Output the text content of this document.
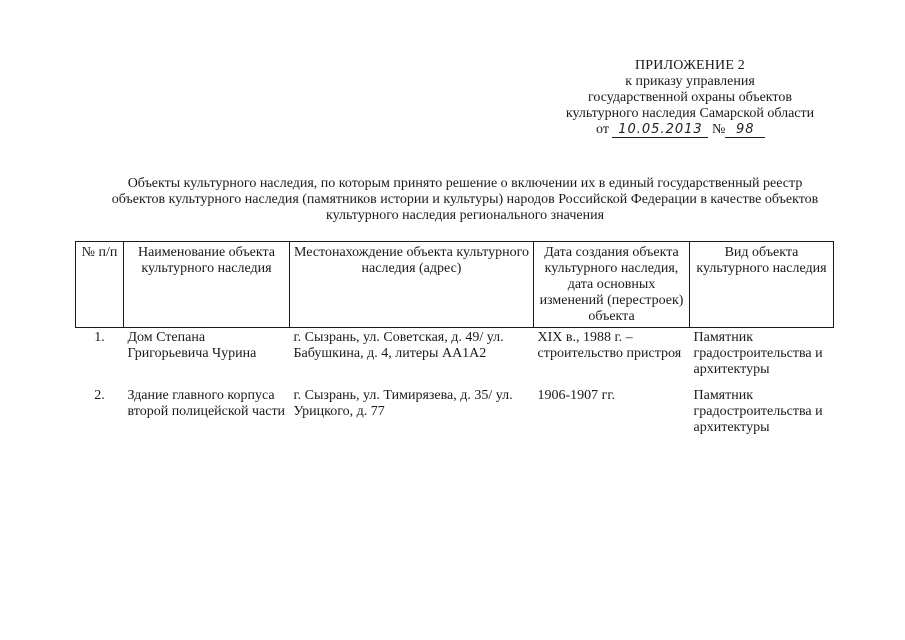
ПРИЛОЖЕНИЕ 2
к приказу управления
государственной охраны объектов
культурного наследия Самарской области
от 10.05.2013 № 98
Объекты культурного наследия, по которым принято решение о включении их в единый государственный реестр
объектов культурного наследия (памятников истории и культуры) народов Российской Федерации в качестве объектов
культурного наследия регионального значения
№ п/п	Наименование объекта культурного наследия	Местонахождение объекта культурного наследия (адрес)	Дата создания объекта культурного наследия, дата основных изменений (перестроек) объекта	Вид объекта культурного наследия
1.	Дом Степана Григорьевича Чурина	г. Сызрань, ул. Советская, д. 49/ ул. Бабушкина, д. 4, литеры АА1А2	XIX в., 1988 г. – строительство пристроя	Памятник градостроительства и архитектуры
2.	Здание главного корпуса второй полицейской части	г. Сызрань, ул. Тимирязева, д. 35/ ул. Урицкого, д. 77	1906-1907 гг.	Памятник градостроительства и архитектуры
